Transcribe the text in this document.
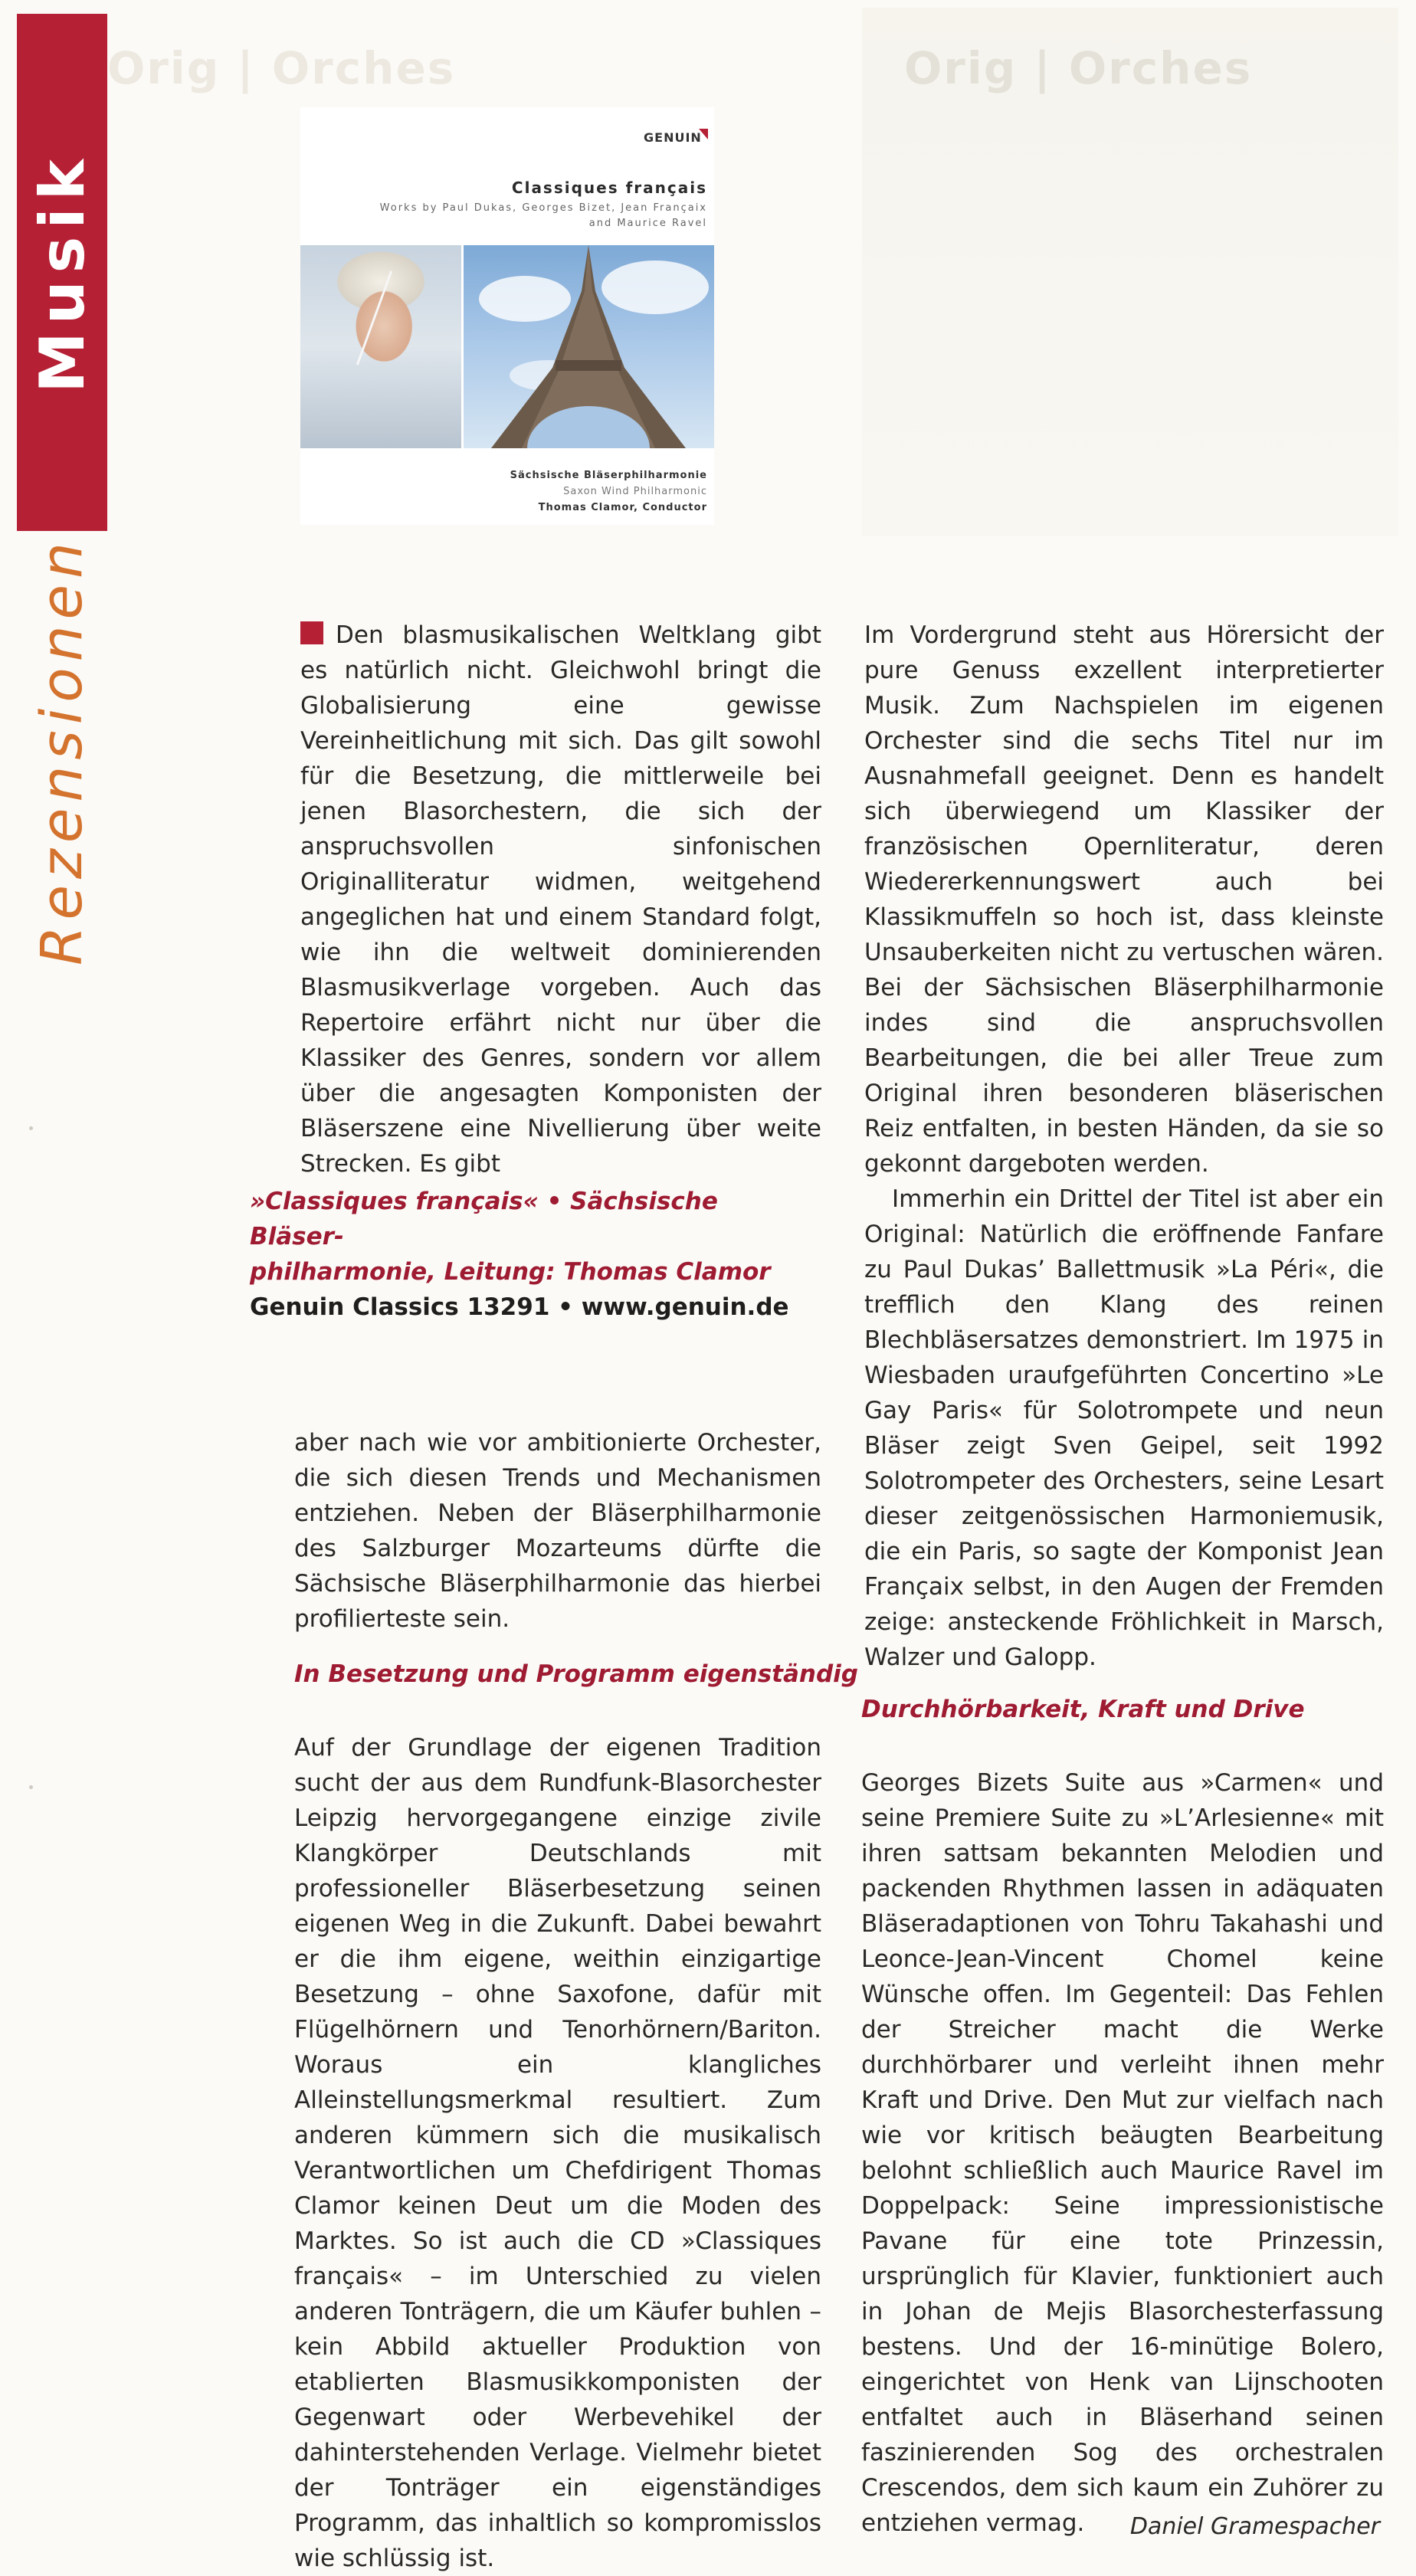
Orig | Orches
Orig | Orches
Musik
Rezensionen
GENUIN
Classiques français
Works by Paul Dukas, Georges Bizet, Jean Françaix
and Maurice Ravel
Sächsische Bläserphilharmonie
Saxon Wind Philharmonic
Thomas Clamor, Conductor

Den blasmusikalischen Weltklang gibt es natürlich nicht. Gleichwohl bringt die Globalisierung eine gewisse Vereinheitlichung mit sich. Das gilt sowohl für die Besetzung, die mittlerweile bei jenen Blasorchestern, die sich der anspruchsvollen sinfonischen Originalliteratur widmen, weitgehend angeglichen hat und einem Standard folgt, wie ihn die weltweit dominierenden Blasmusikverlage vorgeben. Auch das Repertoire erfährt nicht nur über die Klassiker des Genres, sondern vor allem über die angesagten Komponisten der Bläserszene eine Nivellierung über weite Strecken. Es gibt

»Classiques français« • Sächsische Bläser-
philharmonie, Leitung: Thomas Clamor
Genuin Classics 13291 • www.genuin.de

aber nach wie vor ambitionierte Orchester, die sich diesen Trends und Mechanismen entziehen. Neben der Bläserphilharmonie des Salzburger Mozarteums dürfte die Sächsische Bläserphilharmonie das hierbei profilierteste sein.

In Besetzung und Programm eigenständig

Auf der Grundlage der eigenen Tradition sucht der aus dem Rundfunk-Blasorchester Leipzig hervorgegangene einzige zivile Klangkörper Deutschlands mit professioneller Bläserbesetzung seinen eigenen Weg in die Zukunft. Dabei bewahrt er die ihm eigene, weithin einzigartige Besetzung – ohne Saxofone, dafür mit Flügelhörnern und Tenorhörnern/Bariton. Woraus ein klangliches Alleinstellungsmerkmal resultiert. Zum anderen kümmern sich die musikalisch Verantwortlichen um Chefdirigent Thomas Clamor keinen Deut um die Moden des Marktes. So ist auch die CD »Classiques français« – im Unterschied zu vielen anderen Tonträgern, die um Käufer buhlen – kein Abbild aktueller Produktion von etablierten Blasmusikkomponisten der Gegenwart oder Werbevehikel der dahinterstehenden Verlage. Vielmehr bietet der Tonträger ein eigenständiges Programm, das inhaltlich so kompromisslos wie schlüssig ist.

Im Vordergrund steht aus Hörersicht der pure Genuss exzellent interpretierter Musik. Zum Nachspielen im eigenen Orchester sind die sechs Titel nur im Ausnahmefall geeignet. Denn es handelt sich überwiegend um Klassiker der französischen Opernliteratur, deren Wiedererkennungswert auch bei Klassikmuffeln so hoch ist, dass kleinste Unsauberkeiten nicht zu vertuschen wären. Bei der Sächsischen Bläserphilharmonie indes sind die anspruchsvollen Bearbeitungen, die bei aller Treue zum Original ihren besonderen bläserischen Reiz entfalten, in besten Händen, da sie so gekonnt dargeboten werden.

Immerhin ein Drittel der Titel ist aber ein Original: Natürlich die eröffnende Fanfare zu Paul Dukas’ Ballettmusik »La Péri«, die trefflich den Klang des reinen Blechbläsersatzes demonstriert. Im 1975 in Wiesbaden uraufgeführten Concertino »Le Gay Paris« für Solotrompete und neun Bläser zeigt Sven Geipel, seit 1992 Solotrompeter des Orchesters, seine Lesart dieser zeitgenössischen Harmoniemusik, die ein Paris, so sagte der Komponist Jean Françaix selbst, in den Augen der Fremden zeige: ansteckende Fröhlichkeit in Marsch, Walzer und Galopp.

Durchhörbarkeit, Kraft und Drive

Georges Bizets Suite aus »Carmen« und seine Premiere Suite zu »L’Arlesienne« mit ihren sattsam bekannten Melodien und packenden Rhythmen lassen in adäquaten Bläseradaptionen von Tohru Takahashi und Leonce-Jean-Vincent Chomel keine Wünsche offen. Im Gegenteil: Das Fehlen der Streicher macht die Werke durchhörbarer und verleiht ihnen mehr Kraft und Drive. Den Mut zur vielfach nach wie vor kritisch beäugten Bearbeitung belohnt schließlich auch Maurice Ravel im Doppelpack: Seine impressionistische Pavane für eine tote Prinzessin, ursprünglich für Klavier, funktioniert auch in Johan de Mejis Blasorchesterfassung bestens. Und der 16-minütige Bolero, eingerichtet von Henk van Lijnschooten entfaltet auch in Bläserhand seinen faszinierenden Sog des orchestralen Crescendos, dem sich kaum ein Zuhörer zu entziehen vermag.	Daniel Gramespacher
